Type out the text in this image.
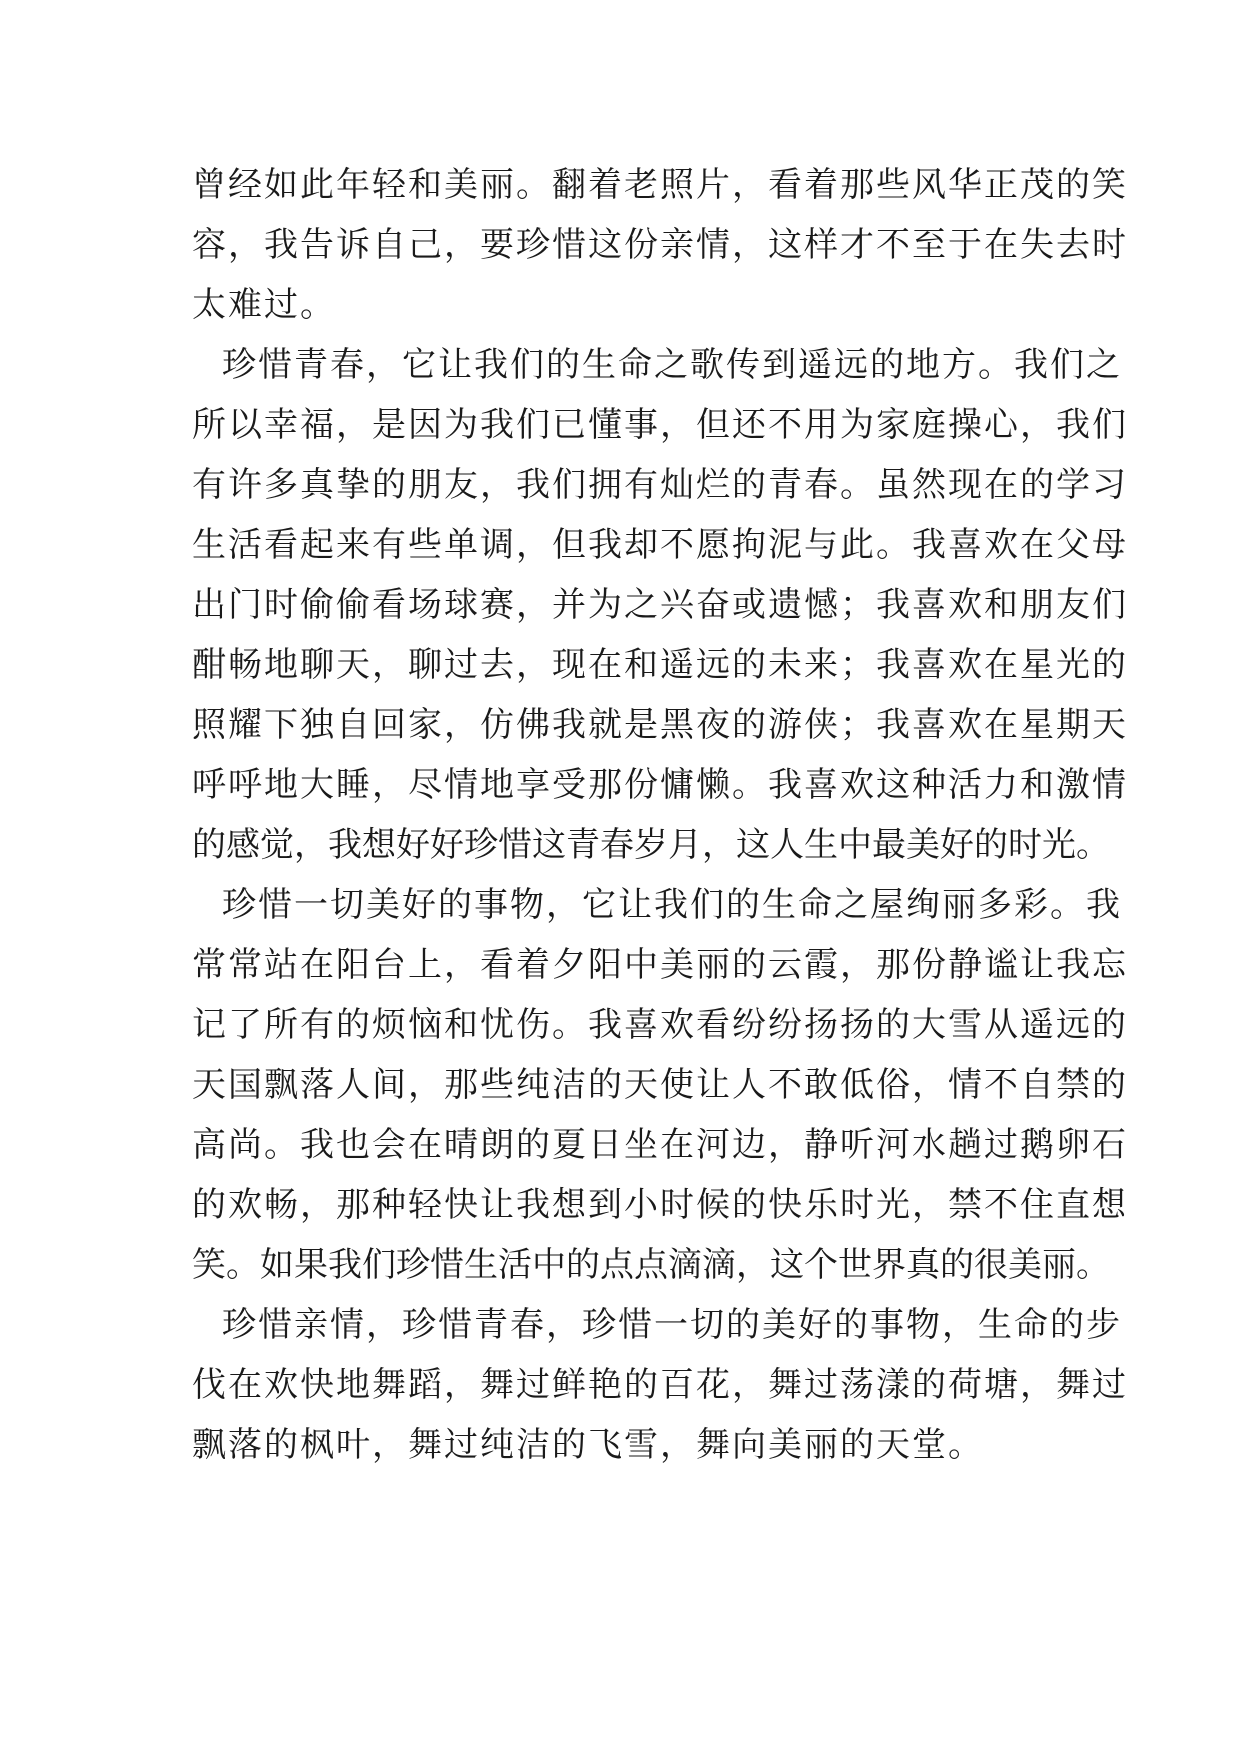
曾经如此年轻和美丽。翻着老照片，看着那些风华正茂的笑
容，我告诉自己，要珍惜这份亲情，这样才不至于在失去时
太难过。
珍惜青春，它让我们的生命之歌传到遥远的地方。我们之
所以幸福，是因为我们已懂事，但还不用为家庭操心，我们
有许多真挚的朋友，我们拥有灿烂的青春。虽然现在的学习
生活看起来有些单调，但我却不愿拘泥与此。我喜欢在父母
出门时偷偷看场球赛，并为之兴奋或遗憾；我喜欢和朋友们
酣畅地聊天，聊过去，现在和遥远的未来；我喜欢在星光的
照耀下独自回家，仿佛我就是黑夜的游侠；我喜欢在星期天
呼呼地大睡，尽情地享受那份慵懒。我喜欢这种活力和激情
的感觉，我想好好珍惜这青春岁月，这人生中最美好的时光。
珍惜一切美好的事物，它让我们的生命之屋绚丽多彩。我
常常站在阳台上，看着夕阳中美丽的云霞，那份静谧让我忘
记了所有的烦恼和忧伤。我喜欢看纷纷扬扬的大雪从遥远的
天国飘落人间，那些纯洁的天使让人不敢低俗，情不自禁的
高尚。我也会在晴朗的夏日坐在河边，静听河水趟过鹅卵石
的欢畅，那种轻快让我想到小时候的快乐时光，禁不住直想
笑。如果我们珍惜生活中的点点滴滴，这个世界真的很美丽。
珍惜亲情，珍惜青春，珍惜一切的美好的事物，生命的步
伐在欢快地舞蹈，舞过鲜艳的百花，舞过荡漾的荷塘，舞过
飘落的枫叶，舞过纯洁的飞雪，舞向美丽的天堂。
